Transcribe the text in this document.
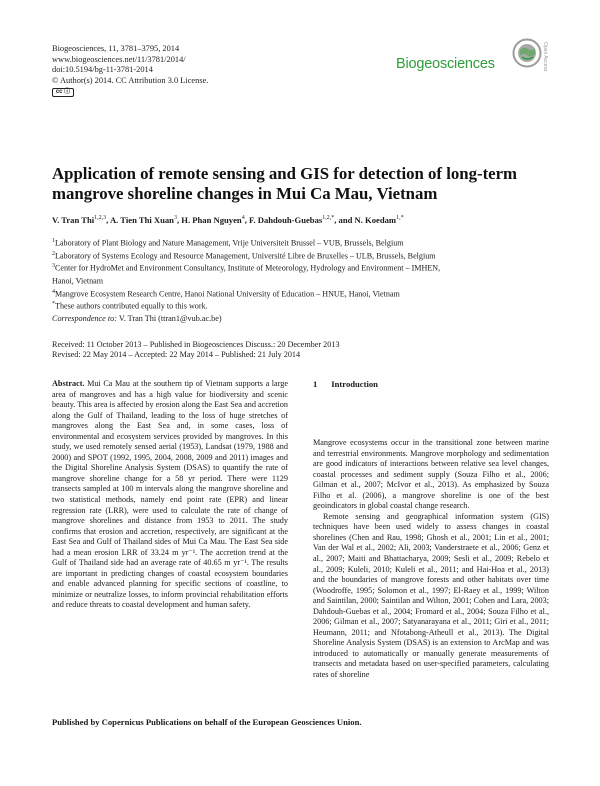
Biogeosciences, 11, 3781–3795, 2014
www.biogeosciences.net/11/3781/2014/
doi:10.5194/bg-11-3781-2014
© Author(s) 2014. CC Attribution 3.0 License.
cc ⓘ
Biogeosciences	Open Access
Application of remote sensing and GIS for detection of long-term
mangrove shoreline changes in Mui Ca Mau, Vietnam
V. Tran Thi$^{1,2,3}$, A. Tien Thi Xuan$^3$, H. Phan Nguyen$^4$, F. Dahdouh-Guebas$^{1,2,*}$, and N. Koedam$^{1,*}$
$^1$Laboratory of Plant Biology and Nature Management, Vrije Universiteit Brussel – VUB, Brussels, Belgium
$^2$Laboratory of Systems Ecology and Resource Management, Université Libre de Bruxelles – ULB, Brussels, Belgium
$^3$Center for HydroMet and Environment Consultancy, Institute of Meteorology, Hydrology and Environment – IMHEN,
Hanoi, Vietnam
$^4$Mangrove Ecosystem Research Centre, Hanoi National University of Education – HNUE, Hanoi, Vietnam
*These authors contributed equally to this work.
Correspondence to: V. Tran Thi (ttran1@vub.ac.be)
Received: 11 October 2013 – Published in Biogeosciences Discuss.: 20 December 2013
Revised: 22 May 2014 – Accepted: 22 May 2014 – Published: 21 July 2014
Abstract. Mui Ca Mau at the southern tip of Vietnam supports a large area of mangroves and has a high value for biodiversity and scenic beauty. This area is affected by erosion along the East Sea and accretion along the Gulf of Thailand, leading to the loss of huge stretches of mangroves along the East Sea and, in some cases, loss of environmental and ecosystem services provided by mangroves. In this study, we used remotely sensed aerial (1953), Landsat (1979, 1988 and 2000) and SPOT (1992, 1995, 2004, 2008, 2009 and 2011) images and the Digital Shoreline Analysis System (DSAS) to quantify the rate of mangrove shoreline change for a 58 yr period. There were 1129 transects sampled at 100 m intervals along the mangrove shoreline and two statistical methods, namely end point rate (EPR) and linear regression rate (LRR), were used to calculate the rate of change of mangrove shorelines and distance from 1953 to 2011. The study confirms that erosion and accretion, respectively, are significant at the East Sea and Gulf of Thailand sides of Mui Ca Mau. The East Sea side had a mean erosion LRR of 33.24 m yr⁻¹. The accretion trend at the Gulf of Thailand side had an average rate of 40.65 m yr⁻¹. The results are important in predicting changes of coastal ecosystem boundaries and enable advanced planning for specific sections of coastline, to minimize or neutralize losses, to inform provincial rehabilitation efforts and reduce threats to coastal development and human safety.
1 Introduction

Mangrove ecosystems occur in the transitional zone between marine and terrestrial environments. Mangrove morphology and sedimentation are good indicators of interactions between relative sea level changes, coastal processes and sediment supply (Souza Filho et al., 2006; Gilman et al., 2007; McIvor et al., 2013). As emphasized by Souza Filho et al. (2006), a mangrove shoreline is one of the best geoindicators in global coastal change research.

Remote sensing and geographical information system (GIS) techniques have been used widely to assess changes in coastal shorelines (Chen and Rau, 1998; Ghosh et al., 2001; Lin et al., 2001; Van der Wal et al., 2002; Ali, 2003; Vanderstraete et al., 2006; Genz et al., 2007; Maiti and Bhattacharya, 2009; Sesli et al., 2009; Rebelo et al., 2009; Kuleli, 2010; Kuleli et al., 2011; and Hai-Hoa et al., 2013) and the boundaries of mangrove forests and other habitats over time (Woodroffe, 1995; Solomon et al., 1997; El-Raey et al., 1999; Wilton and Saintilan, 2000; Saintilan and Wilton, 2001; Cohen and Lara, 2003; Dahdouh-Guebas et al., 2004; Fromard et al., 2004; Souza Filho et al., 2006; Gilman et al., 2007; Satyanarayana et al., 2011; Giri et al., 2011; Heumann, 2011; and Nfotabong-Atheull et al., 2013). The Digital Shoreline Analysis System (DSAS) is an extension to ArcMap and was introduced to automatically or manually generate measurements of transects and metadata based on user-specified parameters, calculating rates of shoreline

Published by Copernicus Publications on behalf of the European Geosciences Union.
